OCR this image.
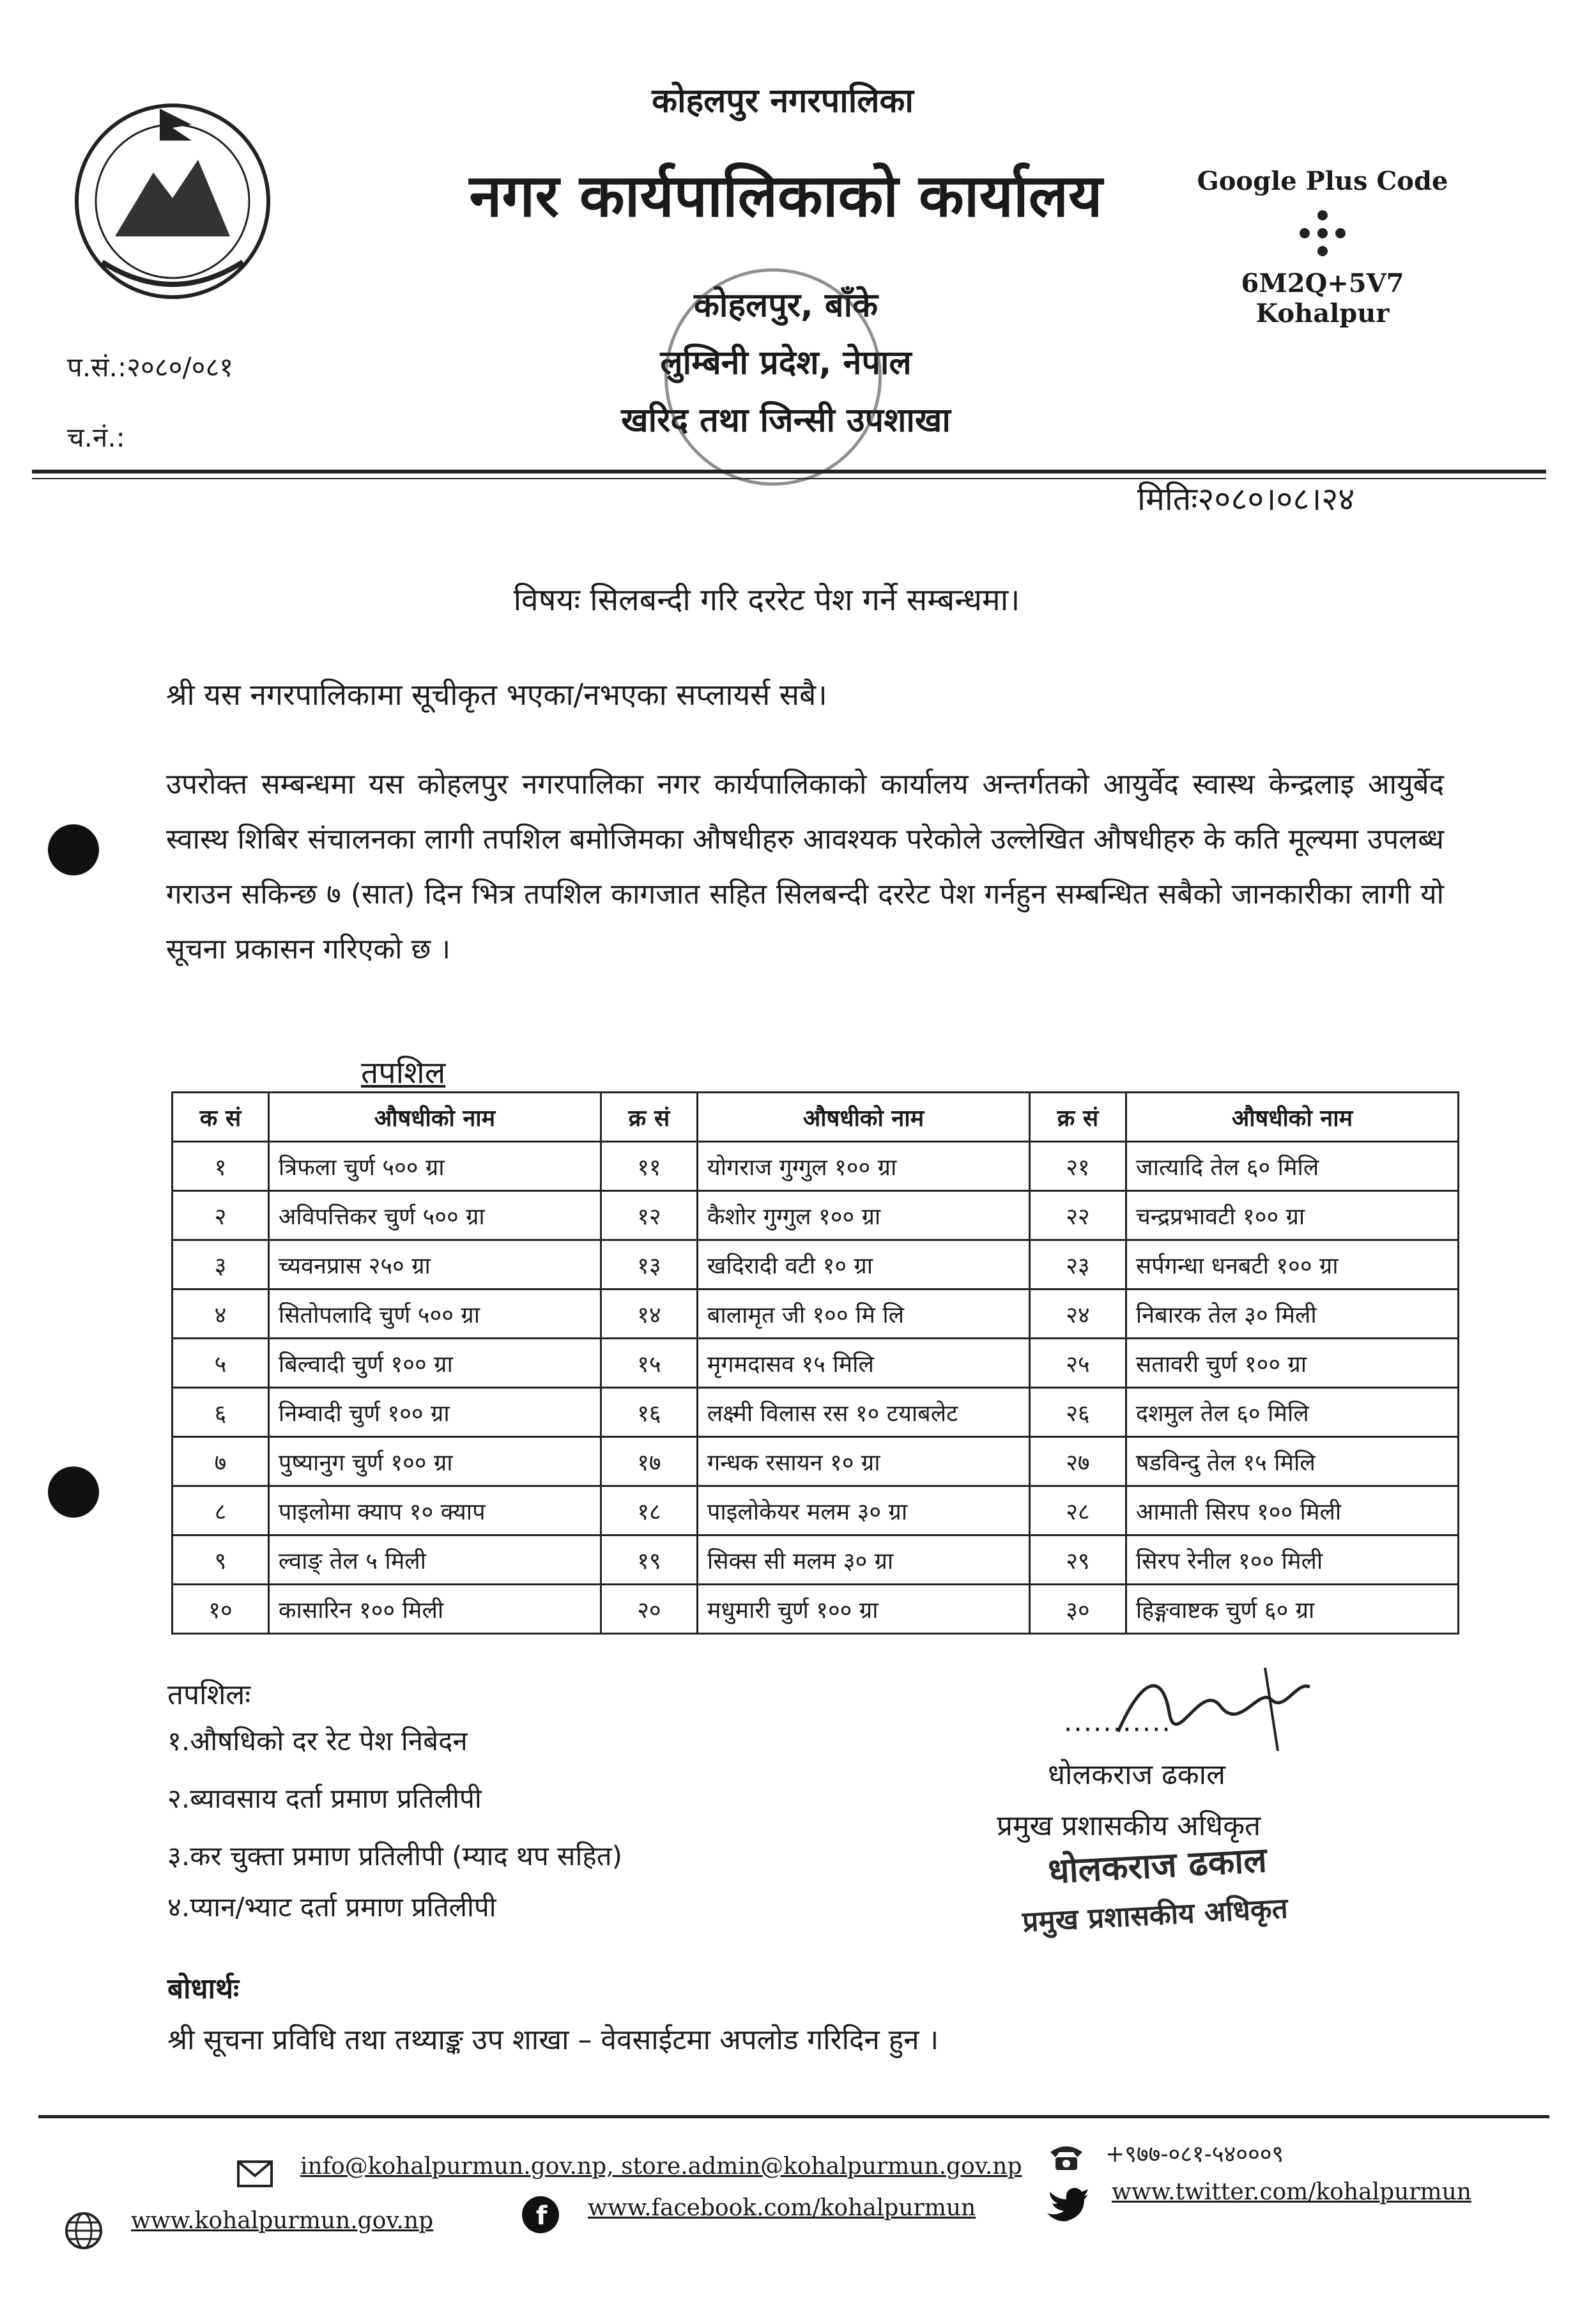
कोहलपुर नगरपालिका
नगर कार्यपालिकाको कार्यालय
कोहलपुर, बाँके
लुम्बिनी प्रदेश, नेपाल
खरिद तथा जिन्सी उपशाखा
Google Plus Code
6M2Q+5V7 Kohalpur
प.सं.:२०८०/०८१
च.नं.:
मितिः२०८०।०८।२४
विषयः सिलबन्दी गरि दररेट पेश गर्ने सम्बन्धमा।
श्री यस नगरपालिकामा सूचीकृत भएका/नभएका सप्लायर्स सबै।
उपरोक्त सम्बन्धमा यस कोहलपुर नगरपालिका नगर कार्यपालिकाको कार्यालय अन्तर्गतको आयुर्वेद स्वास्थ केन्द्रलाइ आयुर्बेद स्वास्थ शिबिर संचालनका लागी तपशिल बमोजिमका औषधीहरु आवश्यक परेकोले उल्लेखित औषधीहरु के कति मूल्यमा उपलब्ध गराउन सकिन्छ ७ (सात) दिन भित्र तपशिल कागजात सहित सिलबन्दी दररेट पेश गर्नहुन सम्बन्धित सबैको जानकारीका लागी यो सूचना प्रकासन गरिएको छ ।
तपशिल
क सं	औषधीको नाम	क्र सं	औषधीको नाम	क्र सं	औषधीको नाम
१	त्रिफला चुर्ण ५०० ग्रा	११	योगराज गुग्गुल १०० ग्रा	२१	जात्यादि तेल ६० मिलि
२	अविपत्तिकर चुर्ण ५०० ग्रा	१२	कैशोर गुग्गुल १०० ग्रा	२२	चन्द्रप्रभावटी १०० ग्रा
३	च्यवनप्रास २५० ग्रा	१३	खदिरादी वटी १० ग्रा	२३	सर्पगन्धा धनबटी १०० ग्रा
४	सितोपलादि चुर्ण ५०० ग्रा	१४	बालामृत जी १०० मि लि	२४	निबारक तेल ३० मिली
५	बिल्वादी चुर्ण १०० ग्रा	१५	मृगमदासव १५ मिलि	२५	सतावरी चुर्ण १०० ग्रा
६	निम्वादी चुर्ण १०० ग्रा	१६	लक्ष्मी विलास रस १० टयाबलेट	२६	दशमुल तेल ६० मिलि
७	पुष्यानुग चुर्ण १०० ग्रा	१७	गन्धक रसायन १० ग्रा	२७	षडविन्दु तेल १५ मिलि
८	पाइलोमा क्याप १० क्याप	१८	पाइलोकेयर मलम ३० ग्रा	२८	आमाती सिरप १०० मिली
९	ल्वाङ् तेल ५ मिली	१९	सिक्स सी मलम ३० ग्रा	२९	सिरप रेनील १०० मिली
१०	कासारिन १०० मिली	२०	मधुमारी चुर्ण १०० ग्रा	३०	हिङ्गवाष्टक चुर्ण ६० ग्रा
तपशिलः
१.औषधिको दर रेट पेश निबेदन
२.ब्यावसाय दर्ता प्रमाण प्रतिलीपी
३.कर चुक्ता प्रमाण प्रतिलीपी (म्याद थप सहित)
४.प्यान/भ्याट दर्ता प्रमाण प्रतिलीपी
...........
धोलकराज ढकाल
प्रमुख प्रशासकीय अधिकृत
धोलकराज ढकाल
प्रमुख प्रशासकीय अधिकृत
बोधार्थः
श्री सूचना प्रविधि तथा तथ्याङ्क उप शाखा – वेवसाईटमा अपलोड गरिदिन हुन ।
info@kohalpurmun.gov.np, store.admin@kohalpurmun.gov.np	+९७७-०८१-५४०००९
www.kohalpurmun.gov.np	f www.facebook.com/kohalpurmun
www.twitter.com/kohalpurmun
